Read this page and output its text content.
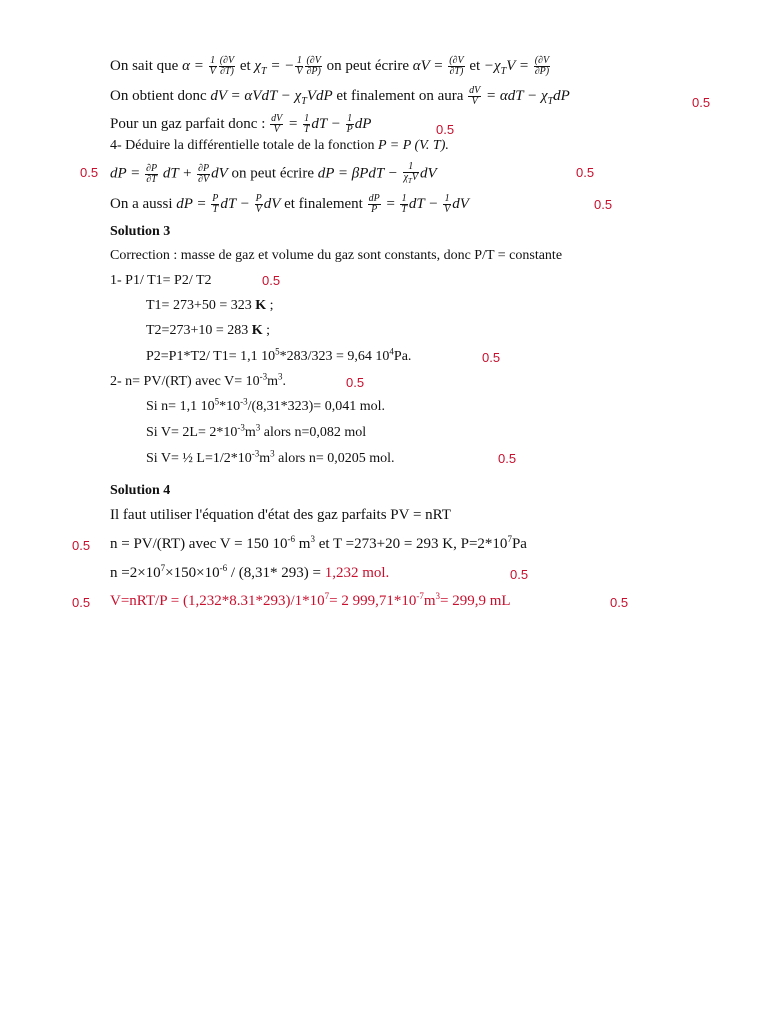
On sait que $\alpha = \frac{1}{V} \frac{(\partial V}{\partial T)}$ et $\chi_T$ = − $\frac{1}{V} \frac{(\partial V}{\partial P)}$ on peut écrire $\alpha V = \frac{(\partial V}{\partial T)}$ et $-\chi_TV = \frac{(\partial V}{\partial P)}$
On obtient donc dV = $\alpha VdT - \chi_TVdP$ et finalement on aura $\frac{dV}{V} = \alpha dT - \chi_TdP$	0.5
Pour un gaz parfait donc : $\frac{dV}{V} = \frac{1}{T}$ dT − $\frac{1}{P}$ dP	0.5
4- Déduire la différentielle totale de la fonction P = P (V. T).
0.5 dP = $\frac{\partial P}{\partial T}$ dT + $\frac{\partial P}{\partial V}$ dV on peut écrire dP = $\beta PdT - \frac{1}{\chi_TV}$ dV	0.5
On a aussi dP = $\frac{P}{T}$ dT − $\frac{P}{V}$ dV et finalement $\frac{dP}{P} = \frac{1}{T}$ dT − $\frac{1}{V}$ dV	0.5
Solution 3
Correction : masse de gaz et volume du gaz sont constants, donc P/T = constante
1- P1/ T1= P2/ T2	0.5
T1= 273+50 = 323 K ;
T2=273+10 = 283 K ;
P2=P1*T2/ T1= 1,1 $10^5*283/323 = 9,64$ $10^4Pa$.	0.5
2- n= PV/(RT) avec $V= 10^{-3}m^3$.	0.5
Si n= 1,1 $10^5*10^{-3}/(8,31*323)= 0,041$ mol.
Si $V= 2L= 2*10^{-3}m^3$ alors n=0,082 mol
Si V= ½ $L=1/2*10^{-3}m^3$ alors n= 0,0205 mol.	0.5
Solution 4
Il faut utiliser l'équation d'état des gaz parfaits PV = nRT
0.5 n = PV/(RT) avec V = 150 $10^{-6}$ $m^3$ et T =273+20 = 293 K, $P=2*10^7Pa$
$n =2\times 10^7\times 150\times 10^{-6} / (8,31*$ 293) = 1,232 mol.	0.5
0.5 $V=nRT/P = (1,232*8.31*293)/1*10^7= 2$ $999,71*10^{-7}m^3= 299,9$ mL	0.5
